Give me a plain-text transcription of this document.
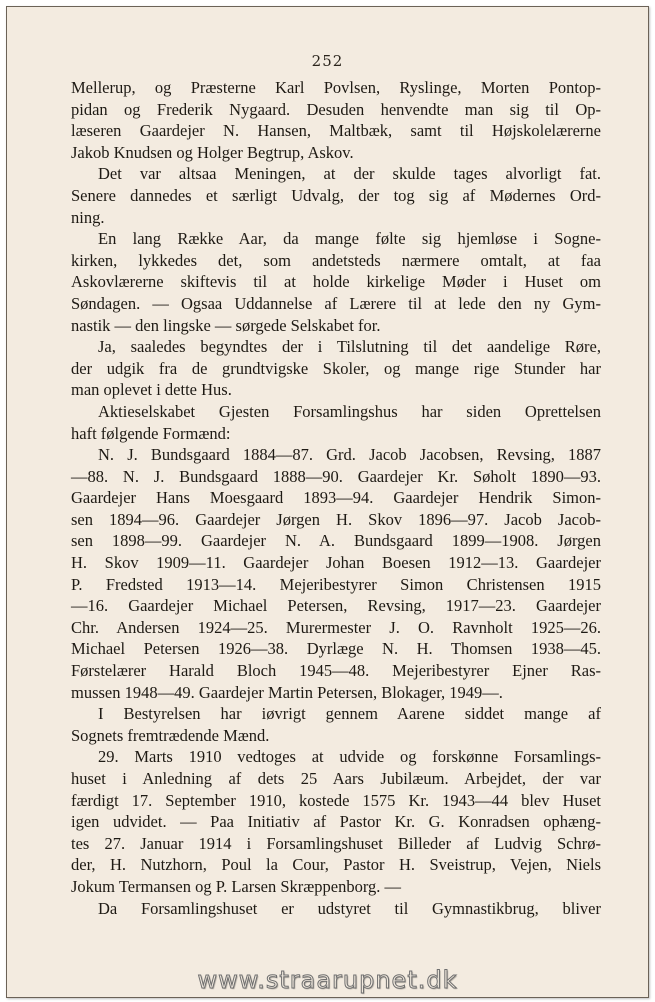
252
Mellerup, og Præsterne Karl Povlsen, Ryslinge, Morten Pontop-
pidan og Frederik Nygaard. Desuden henvendte man sig til Op-
læseren Gaardejer N. Hansen, Maltbæk, samt til Højskolelærerne
Jakob Knudsen og Holger Begtrup, Askov.
Det var altsaa Meningen, at der skulde tages alvorligt fat.
Senere dannedes et særligt Udvalg, der tog sig af Mødernes Ord-
ning.
En lang Række Aar, da mange følte sig hjemløse i Sogne-
kirken, lykkedes det, som andetsteds nærmere omtalt, at faa
Askovlærerne skiftevis til at holde kirkelige Møder i Huset om
Søndagen. — Ogsaa Uddannelse af Lærere til at lede den ny Gym-
nastik — den lingske — sørgede Selskabet for.
Ja, saaledes begyndtes der i Tilslutning til det aandelige Røre,
der udgik fra de grundtvigske Skoler, og mange rige Stunder har
man oplevet i dette Hus.
Aktieselskabet Gjesten Forsamlingshus har siden Oprettelsen
haft følgende Formænd:
N. J. Bundsgaard 1884—87. Grd. Jacob Jacobsen, Revsing, 1887
—88. N. J. Bundsgaard 1888—90. Gaardejer Kr. Søholt 1890—93.
Gaardejer Hans Moesgaard 1893—94. Gaardejer Hendrik Simon-
sen 1894—96. Gaardejer Jørgen H. Skov 1896—97. Jacob Jacob-
sen 1898—99. Gaardejer N. A. Bundsgaard 1899—1908. Jørgen
H. Skov 1909—11. Gaardejer Johan Boesen 1912—13. Gaardejer
P. Fredsted 1913—14. Mejeribestyrer Simon Christensen 1915
—16. Gaardejer Michael Petersen, Revsing, 1917—23. Gaardejer
Chr. Andersen 1924—25. Murermester J. O. Ravnholt 1925—26.
Michael Petersen 1926—38. Dyrlæge N. H. Thomsen 1938—45.
Førstelærer Harald Bloch 1945—48. Mejeribestyrer Ejner Ras-
mussen 1948—49. Gaardejer Martin Petersen, Blokager, 1949—.
I Bestyrelsen har iøvrigt gennem Aarene siddet mange af
Sognets fremtrædende Mænd.
29. Marts 1910 vedtoges at udvide og forskønne Forsamlings-
huset i Anledning af dets 25 Aars Jubilæum. Arbejdet, der var
færdigt 17. September 1910, kostede 1575 Kr. 1943—44 blev Huset
igen udvidet. — Paa Initiativ af Pastor Kr. G. Konradsen ophæng-
tes 27. Januar 1914 i Forsamlingshuset Billeder af Ludvig Schrø-
der, H. Nutzhorn, Poul la Cour, Pastor H. Sveistrup, Vejen, Niels
Jokum Termansen og P. Larsen Skræppenborg. —
Da Forsamlingshuset er udstyret til Gymnastikbrug, bliver
www.straarupnet.dk
